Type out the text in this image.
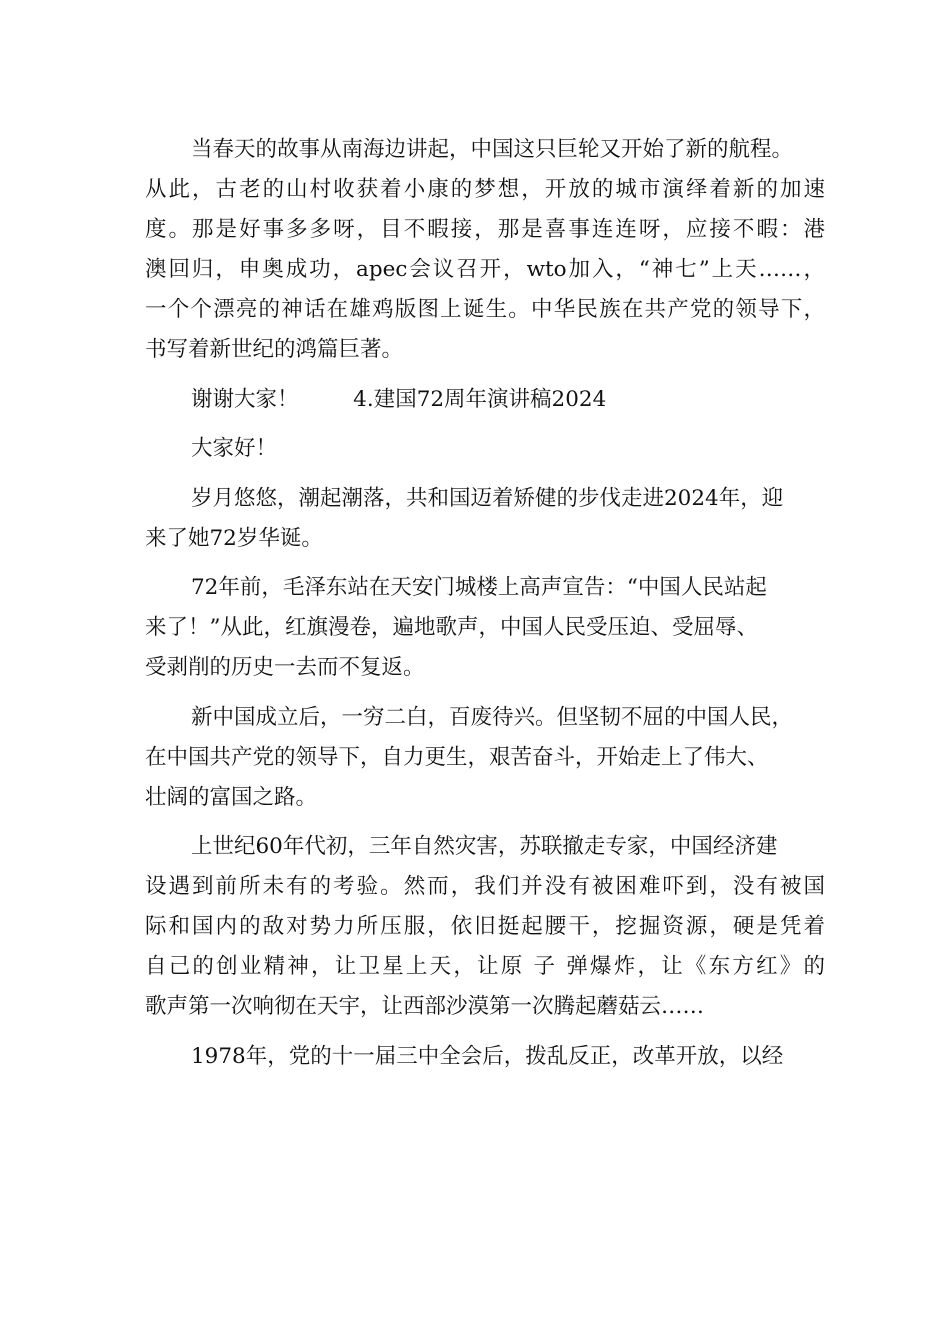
当春天的故事从南海边讲起，中国这只巨轮又开始了新的航程。
从此，古老的山村收获着小康的梦想，开放的城市演绎着新的加速
度。那是好事多多呀，目不暇接，那是喜事连连呀，应接不暇：港
澳回归，申奥成功，apec会议召开，wto加入，“神七”上天……，
一个个漂亮的神话在雄鸡版图上诞生。中华民族在共产党的领导下，
书写着新世纪的鸿篇巨著。
谢谢大家！        4.建国72周年演讲稿2024
大家好！
岁月悠悠，潮起潮落，共和国迈着矫健的步伐走进2024年，迎
来了她72岁华诞。
72年前，毛泽东站在天安门城楼上高声宣告：“中国人民站起
来了！”从此，红旗漫卷，遍地歌声，中国人民受压迫、受屈辱、
受剥削的历史一去而不复返。
新中国成立后，一穷二白，百废待兴。但坚韧不屈的中国人民，
在中国共产党的领导下，自力更生，艰苦奋斗，开始走上了伟大、
壮阔的富国之路。
上世纪60年代初，三年自然灾害，苏联撤走专家，中国经济建
设遇到前所未有的考验。然而，我们并没有被困难吓到，没有被国
际和国内的敌对势力所压服，依旧挺起腰干，挖掘资源，硬是凭着
自己的创业精神，让卫星上天，让原 子 弹爆炸，让《东方红》的
歌声第一次响彻在天宇，让西部沙漠第一次腾起蘑菇云……
1978年，党的十一届三中全会后，拨乱反正，改革开放，以经
